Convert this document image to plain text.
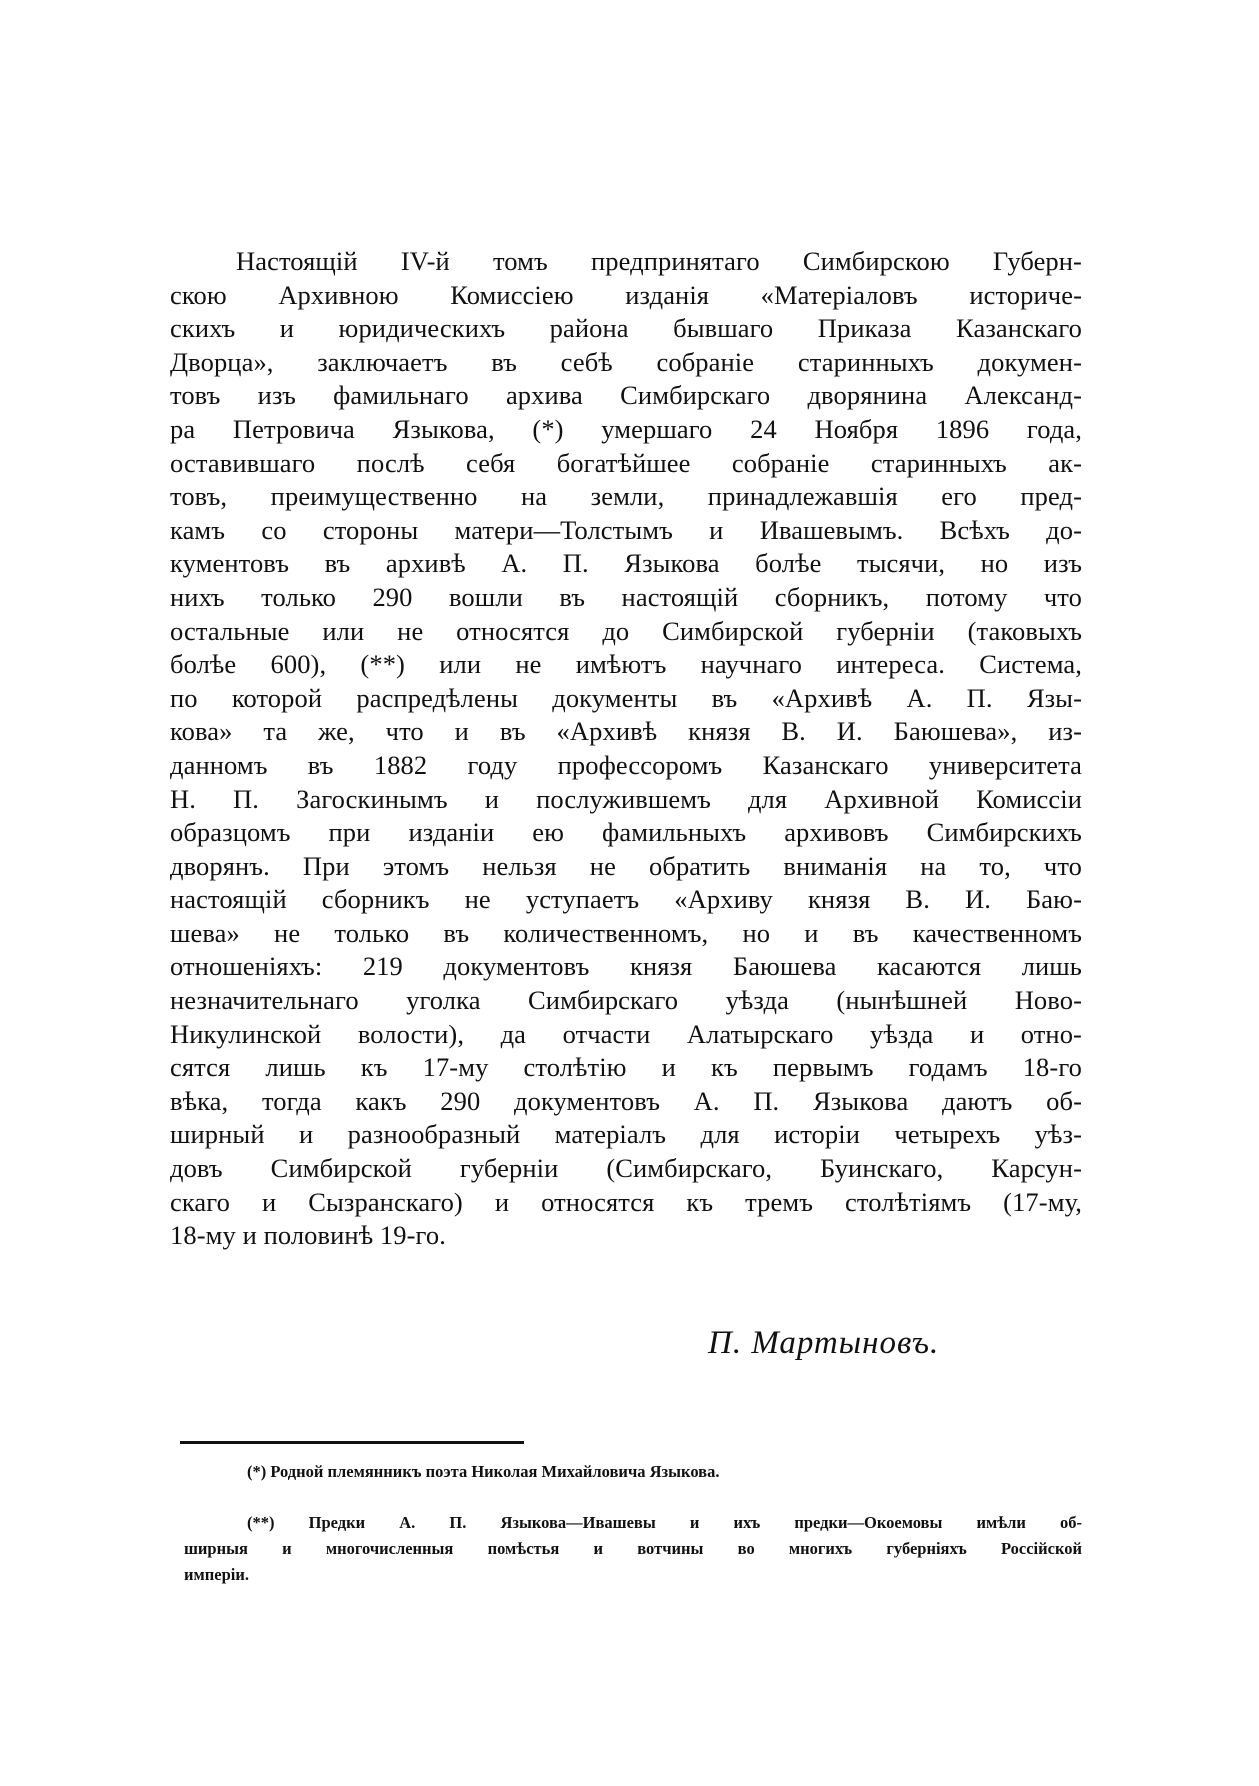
Настоящій IV-й томъ предпринятаго Симбирскою Губерн-
скою Архивною Комиссіею изданія «Матеріаловъ историче-
скихъ и юридическихъ района бывшаго Приказа Казанскаго
Дворца», заключаетъ въ себѣ собраніе старинныхъ докумен-
товъ изъ фамильнаго архива Симбирскаго дворянина Александ-
ра Петровича Языкова, (*) умершаго 24 Ноября 1896 года,
оставившаго послѣ себя богатѣйшее собраніе старинныхъ ак-
товъ, преимущественно на земли, принадлежавшія его пред-
камъ со стороны матери—Толстымъ и Ивашевымъ. Всѣхъ до-
кументовъ въ архивѣ А. П. Языкова болѣе тысячи, но изъ
нихъ только 290 вошли въ настоящій сборникъ, потому что
остальные или не относятся до Симбирской губерніи (таковыхъ
болѣе 600), (**) или не имѣютъ научнаго интереса. Система,
по которой распредѣлены документы въ «Архивѣ А. П. Язы-
кова» та же, что и въ «Архивѣ князя В. И. Баюшева», из-
данномъ въ 1882 году профессоромъ Казанскаго университета
Н. П. Загоскинымъ и послужившемъ для Архивной Комиссіи
образцомъ при изданіи ею фамильныхъ архивовъ Симбирскихъ
дворянъ. При этомъ нельзя не обратить вниманія на то, что
настоящій сборникъ не уступаетъ «Архиву князя В. И. Баю-
шева» не только въ количественномъ, но и въ качественномъ
отношеніяхъ: 219 документовъ князя Баюшева касаются лишь
незначительнаго уголка Симбирскаго уѣзда (нынѣшней Ново-
Никулинской волости), да отчасти Алатырскаго уѣзда и отно-
сятся лишь къ 17-му столѣтію и къ первымъ годамъ 18-го
вѣка, тогда какъ 290 документовъ А. П. Языкова даютъ об-
ширный и разнообразный матеріалъ для исторіи четырехъ уѣз-
довъ Симбирской губерніи (Симбирскаго, Буинскаго, Карсун-
скаго и Сызранскаго) и относятся къ тремъ столѣтіямъ (17-му,
18-му и половинѣ 19-го.
П. Мартыновъ.
(*) Родной племянникъ поэта Николая Михайловича Языкова.
(**) Предки А. П. Языкова—Ивашевы и ихъ предки—Окоемовы имѣли об-
ширныя и многочисленныя помѣстья и вотчины во многихъ губерніяхъ Россійской
имперіи.
